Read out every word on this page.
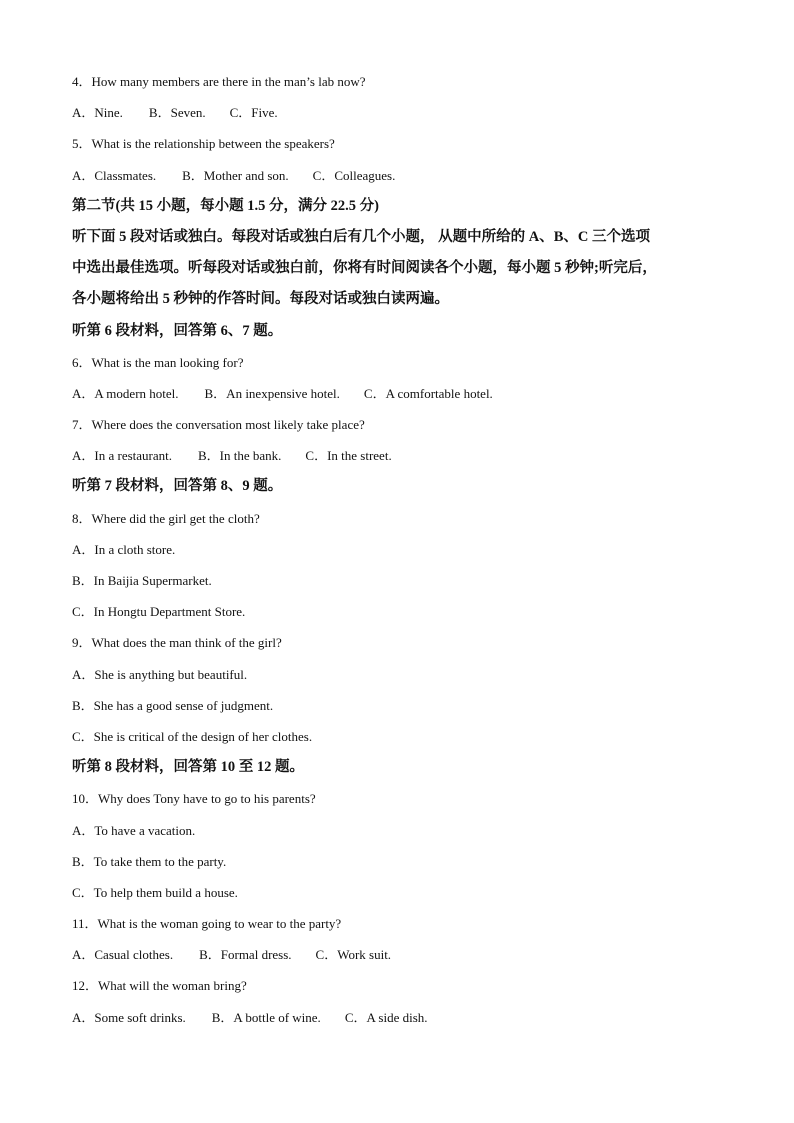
4．How many members are there in the man’s lab now?
A．Nine. B．Seven. C．Five.
5．What is the relationship between the speakers?
A．Classmates. B．Mother and son. C．Colleagues.
第二节(共 15 小题，每小题 1.5 分，满分 22.5 分)
听下面 5 段对话或独白。每段对话或独白后有几个小题， 从题中所给的 A、B、C 三个选项
中选出最佳选项。听每段对话或独白前，你将有时间阅读各个小题，每小题 5 秒钟;听完后，
各小题将给出 5 秒钟的作答时间。每段对话或独白读两遍。
听第 6 段材料，回答第 6、7 题。
6．What is the man looking for?
A．A modern hotel. B．An inexpensive hotel. C．A comfortable hotel.
7．Where does the conversation most likely take place?
A．In a restaurant. B．In the bank. C．In the street.
听第 7 段材料，回答第 8、9 题。
8．Where did the girl get the cloth?
A．In a cloth store.
B．In Baijia Supermarket.
C．In Hongtu Department Store.
9．What does the man think of the girl?
A．She is anything but beautiful.
B．She has a good sense of judgment.
C．She is critical of the design of her clothes.
听第 8 段材料，回答第 10 至 12 题。
10．Why does Tony have to go to his parents?
A．To have a vacation.
B．To take them to the party.
C．To help them build a house.
11．What is the woman going to wear to the party?
A．Casual clothes. B．Formal dress. C．Work suit.
12．What will the woman bring?
A．Some soft drinks. B．A bottle of wine. C．A side dish.
